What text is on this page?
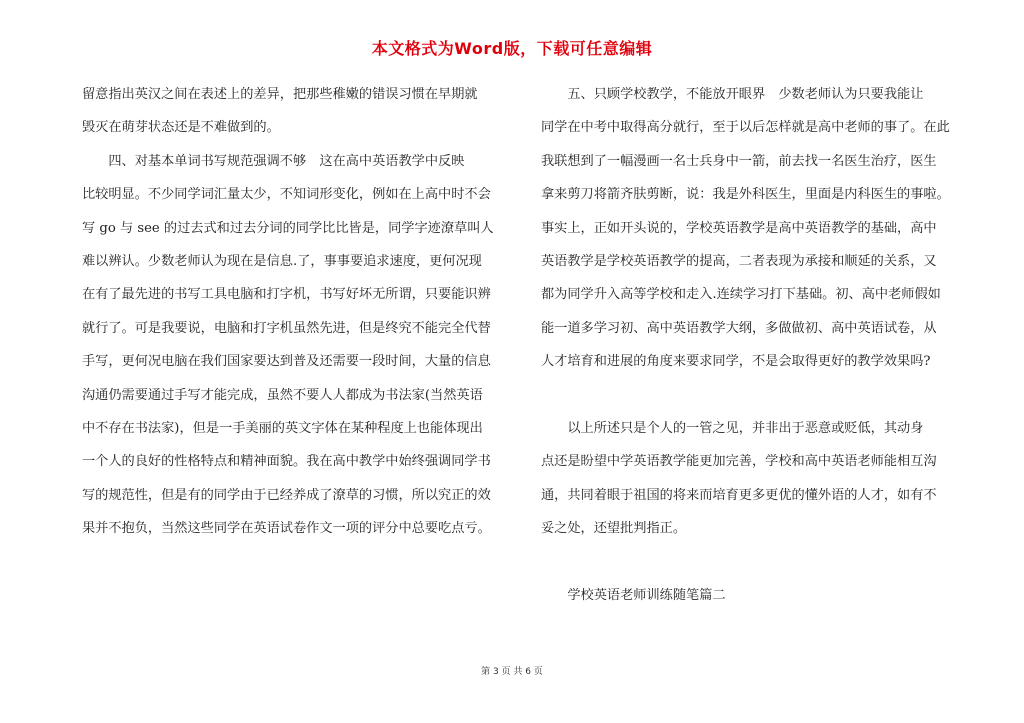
本文格式为Word版，下载可任意编辑
留意指出英汉之间在表述上的差异，把那些稚嫩的错误习惯在早期就
毁灭在萌芽状态还是不难做到的。
　　四、对基本单词书写规范强调不够　这在高中英语教学中反映
比较明显。不少同学词汇量太少，不知词形变化，例如在上高中时不会
写 go 与 see 的过去式和过去分词的同学比比皆是，同学字迹潦草叫人
难以辨认。少数老师认为现在是信息.了，事事要追求速度，更何况现
在有了最先进的书写工具电脑和打字机，书写好坏无所谓，只要能识辨
就行了。可是我要说，电脑和打字机虽然先进，但是终究不能完全代替
手写，更何况电脑在我们国家要达到普及还需要一段时间，大量的信息
沟通仍需要通过手写才能完成，虽然不要人人都成为书法家(当然英语
中不存在书法家)，但是一手美丽的英文字体在某种程度上也能体现出
一个人的良好的性格特点和精神面貌。我在高中教学中始终强调同学书
写的规范性，但是有的同学由于已经养成了潦草的习惯，所以究正的效
果并不抱负，当然这些同学在英语试卷作文一项的评分中总要吃点亏。
　　五、只顾学校教学，不能放开眼界　少数老师认为只要我能让
同学在中考中取得高分就行，至于以后怎样就是高中老师的事了。在此
我联想到了一幅漫画一名士兵身中一箭，前去找一名医生治疗，医生
拿来剪刀将箭齐肤剪断，说：我是外科医生，里面是内科医生的事啦。
事实上，正如开头说的，学校英语教学是高中英语教学的基础，高中
英语教学是学校英语教学的提高，二者表现为承接和顺延的关系，又
都为同学升入高等学校和走入.连续学习打下基础。初、高中老师假如
能一道多学习初、高中英语教学大纲，多做做初、高中英语试卷，从
人才培育和进展的角度来要求同学，不是会取得更好的教学效果吗?
　　以上所述只是个人的一管之见，并非出于恶意或贬低，其动身
点还是盼望中学英语教学能更加完善，学校和高中英语老师能相互沟
通，共同着眼于祖国的将来而培育更多更优的懂外语的人才，如有不
妥之处，还望批判指正。
　　学校英语老师训练随笔篇二
第 3 页 共 6 页
